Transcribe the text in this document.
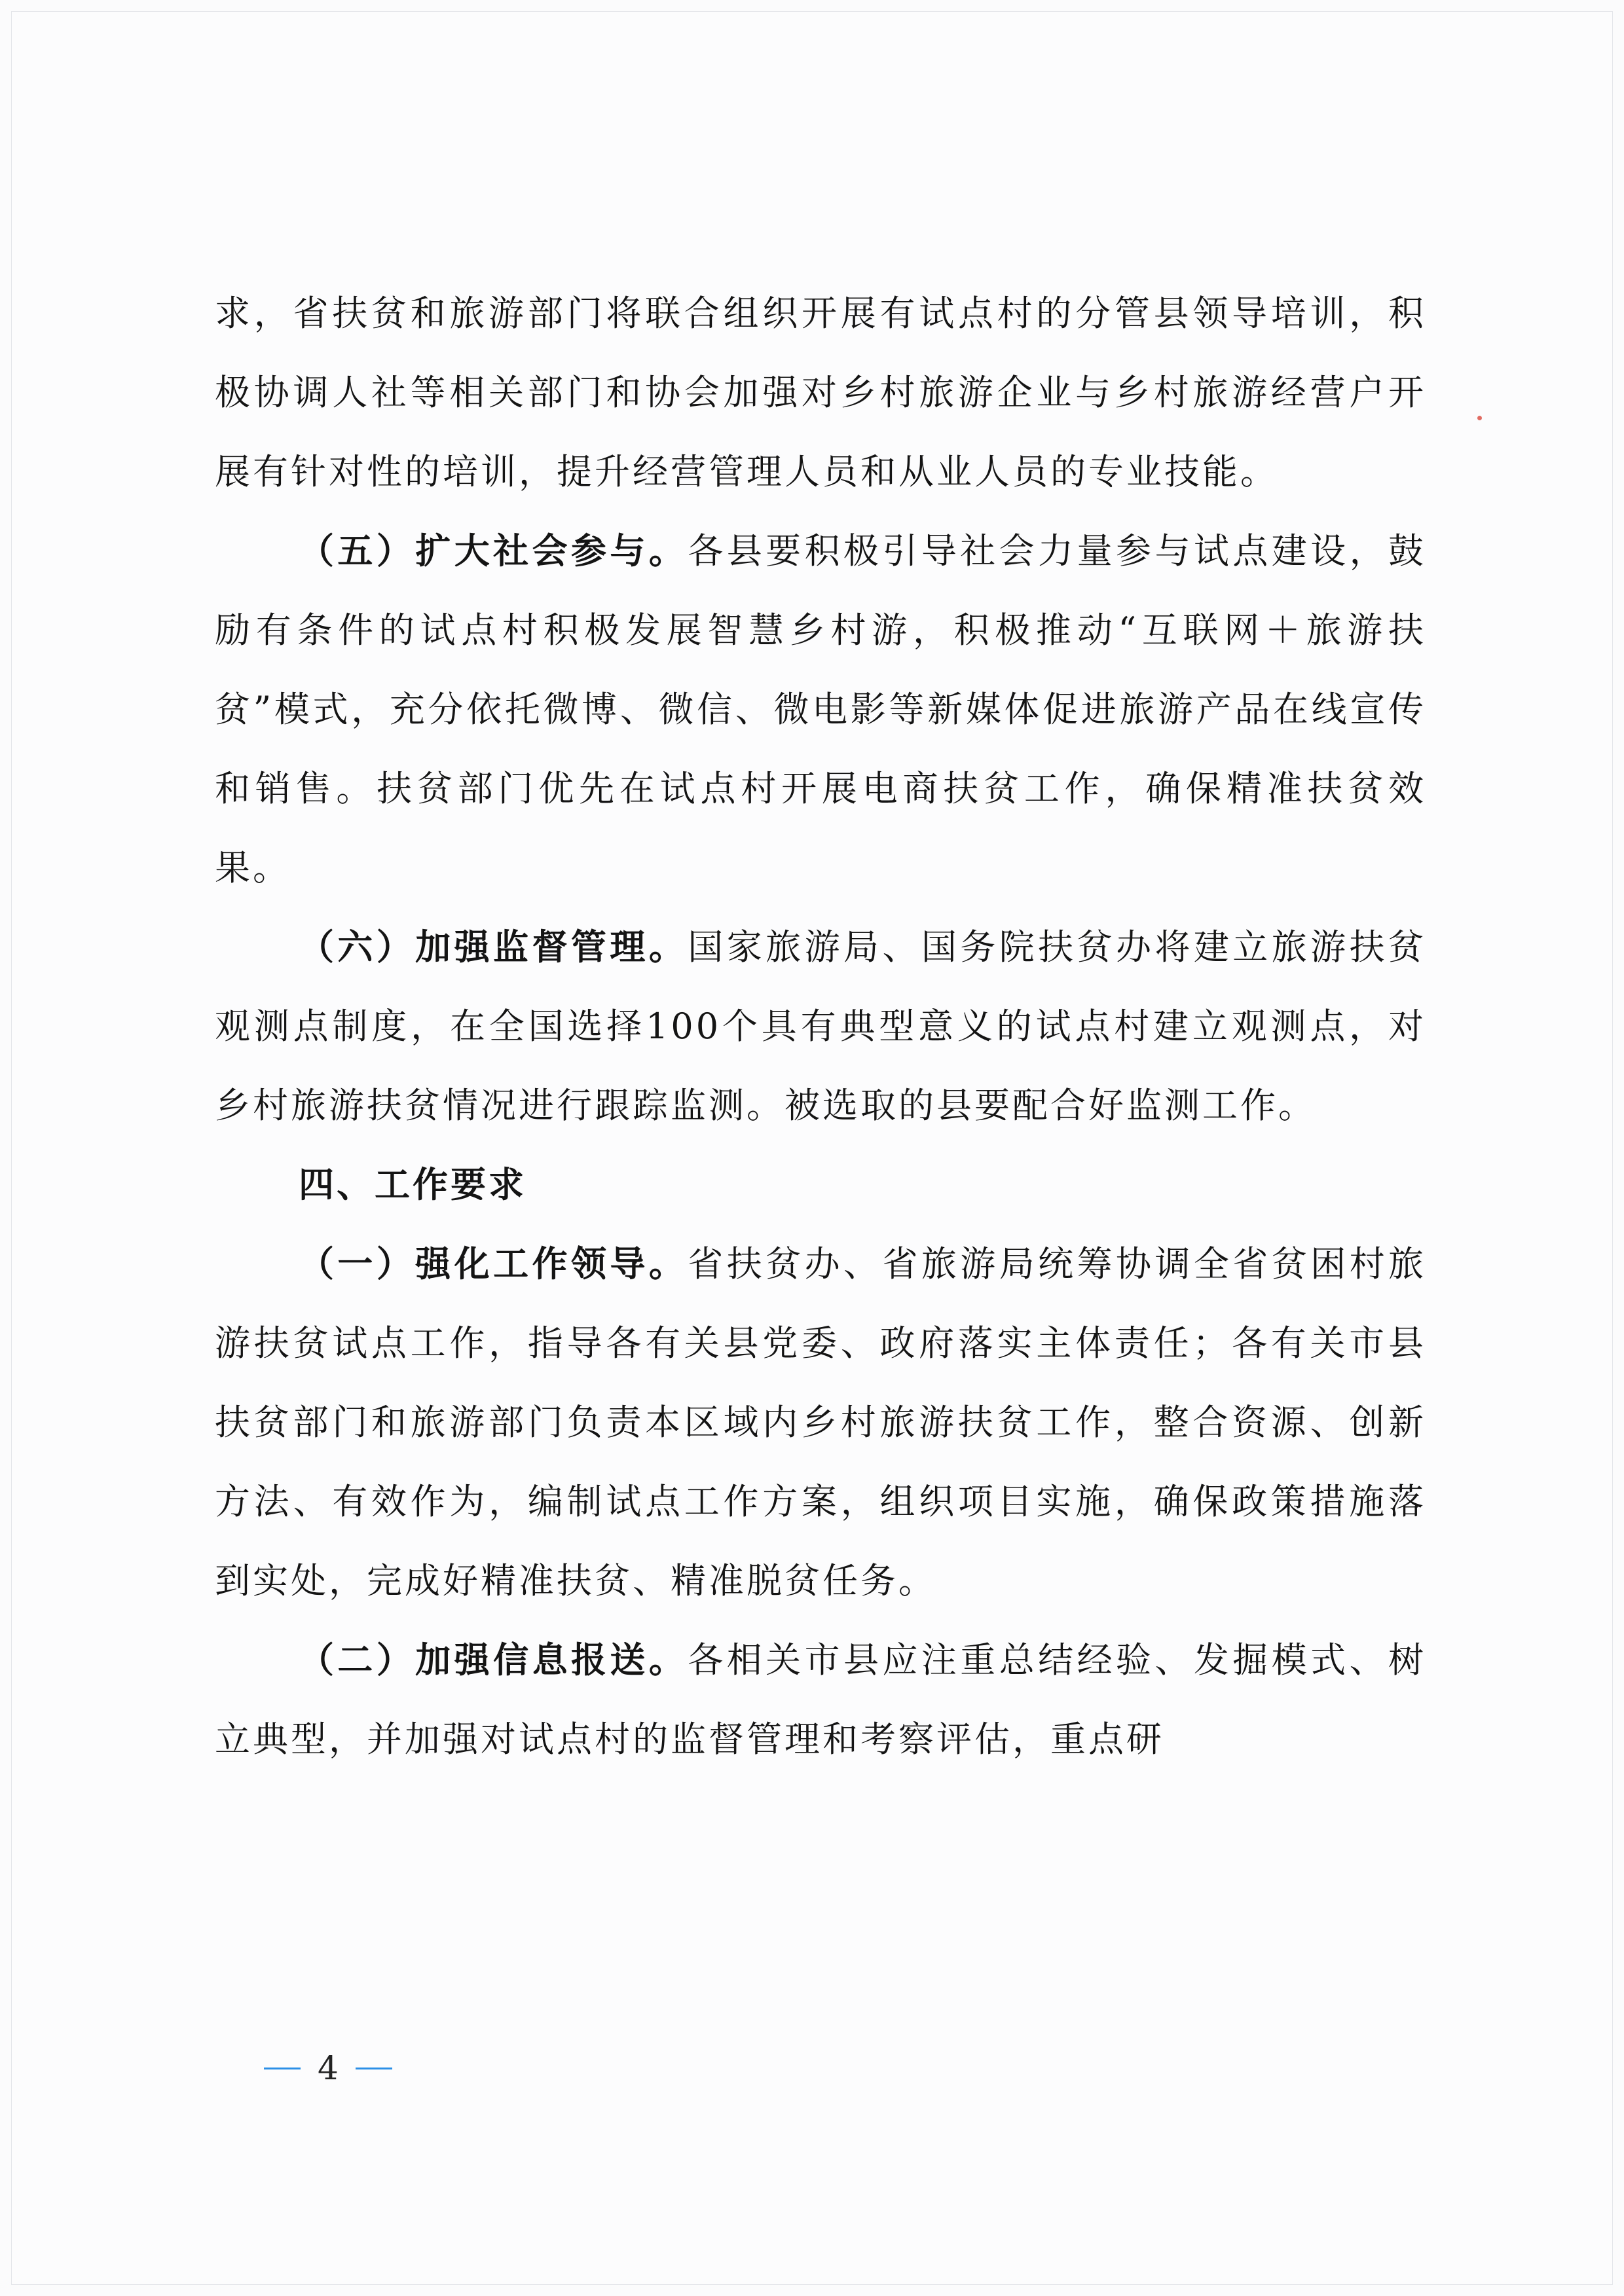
求，省扶贫和旅游部门将联合组织开展有试点村的分管县领导培训，积极协调人社等相关部门和协会加强对乡村旅游企业与乡村旅游经营户开展有针对性的培训，提升经营管理人员和从业人员的专业技能。

（五）扩大社会参与。各县要积极引导社会力量参与试点建设，鼓励有条件的试点村积极发展智慧乡村游，积极推动“互联网＋旅游扶贫”模式，充分依托微博、微信、微电影等新媒体促进旅游产品在线宣传和销售。扶贫部门优先在试点村开展电商扶贫工作，确保精准扶贫效果。

（六）加强监督管理。国家旅游局、国务院扶贫办将建立旅游扶贫观测点制度，在全国选择100个具有典型意义的试点村建立观测点，对乡村旅游扶贫情况进行跟踪监测。被选取的县要配合好监测工作。

四、工作要求

（一）强化工作领导。省扶贫办、省旅游局统筹协调全省贫困村旅游扶贫试点工作，指导各有关县党委、政府落实主体责任；各有关市县扶贫部门和旅游部门负责本区域内乡村旅游扶贫工作，整合资源、创新方法、有效作为，编制试点工作方案，组织项目实施，确保政策措施落到实处，完成好精准扶贫、精准脱贫任务。

（二）加强信息报送。各相关市县应注重总结经验、发掘模式、树立典型，并加强对试点村的监督管理和考察评估，重点研

4
